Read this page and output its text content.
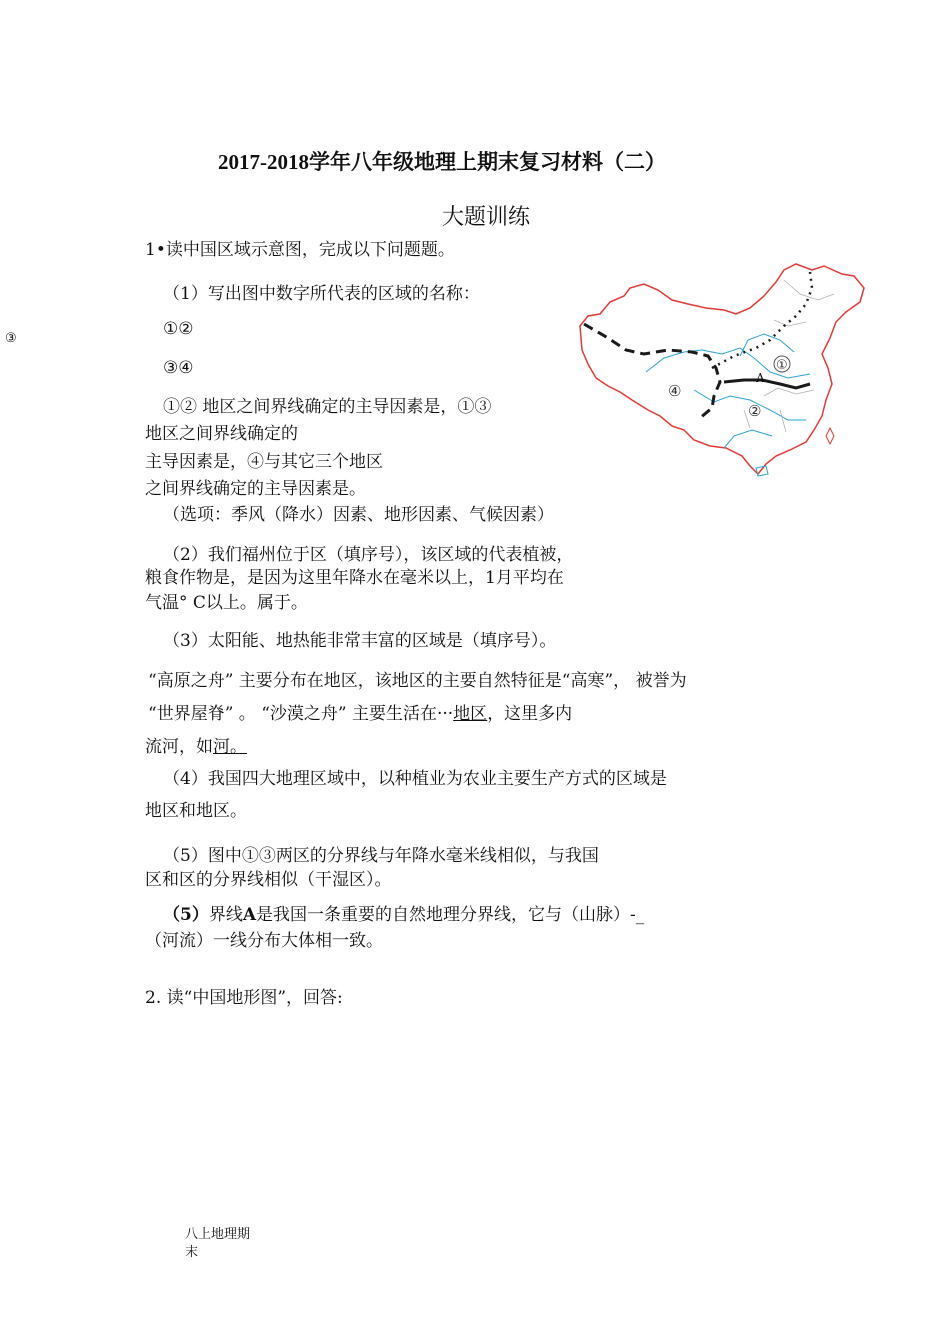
2017-2018学年八年级地理上期末复习材料（二）
大题训练
③
1•读中国区域示意图，完成以下问题题。
（1）写出图中数字所代表的区域的名称：
①②
③④
①② 地区之间界线确定的主导因素是，①③
地区之间界线确定的
主导因素是，④与其它三个地区
之间界线确定的主导因素是。
（选项：季风（降水）因素、地形因素、气候因素）
（2）我们福州位于区（填序号），该区域的代表植被，
粮食作物是，是因为这里年降水在毫米以上，1月平均在
气温° C以上。属于。
（3）太阳能、地热能非常丰富的区域是（填序号）。
“高原之舟” 主要分布在地区，该地区的主要自然特征是“高寒”， 被誉为
“世界屋脊” 。 “沙漠之舟” 主要生活在···地区，这里多内
流河，如河。
（4）我国四大地理区域中，以种植业为农业主要生产方式的区域是
地区和地区。
（5）图中①③两区的分界线与年降水毫米线相似，与我国
区和区的分界线相似（干湿区）。
（5）界线A是我国一条重要的自然地理分界线，它与（山脉）-_
（河流）一线分布大体相一致。
2. 读“中国地形图”，回答:
八上地理期
末
①
②
④
A
